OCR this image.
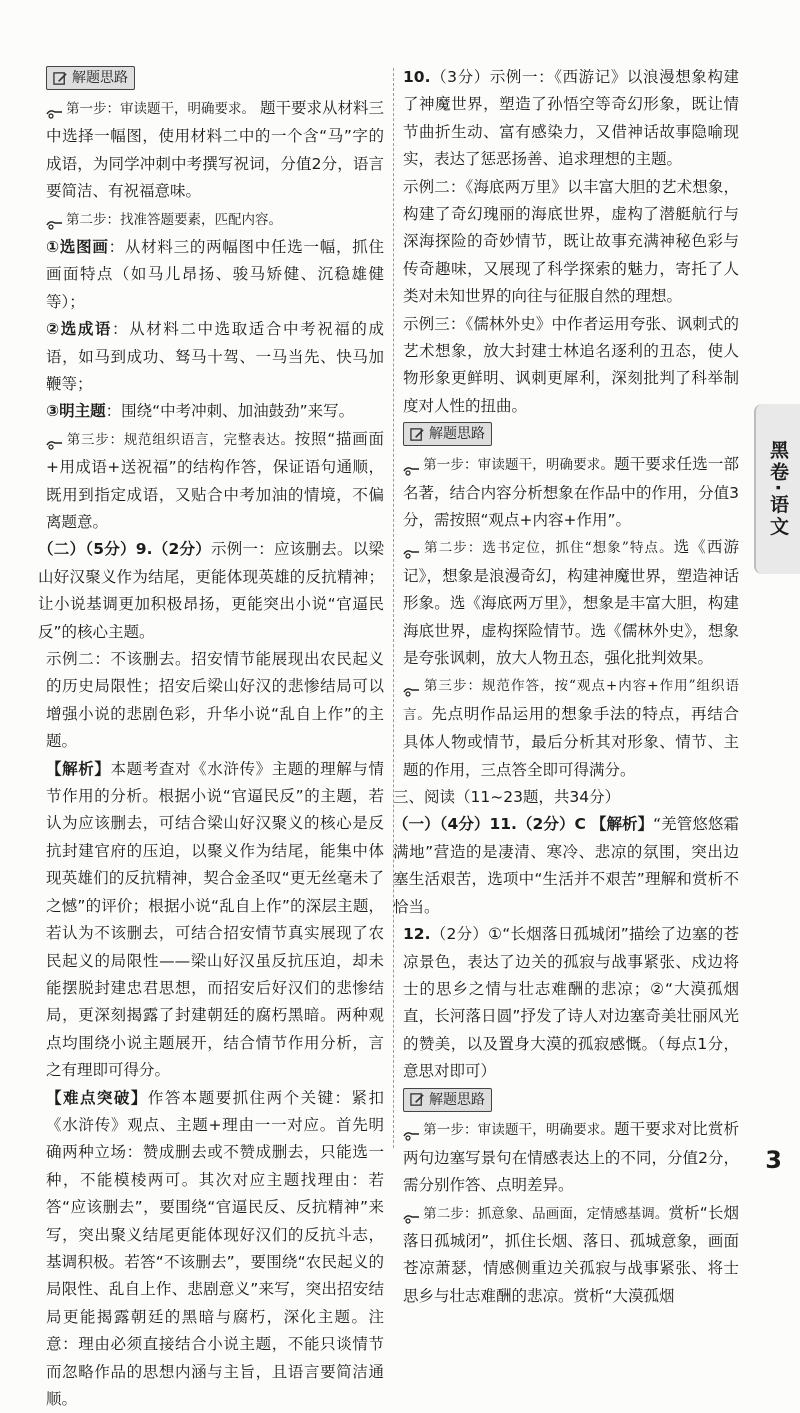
解题思路

第一步：审读题干，明确要求。 题干要求从材料三中选择一幅图，使用材料二中的一个含“马”字的成语，为同学冲刺中考撰写祝词，分值2分，语言要简洁、有祝福意味。

第二步：找准答题要素，匹配内容。

①选图画：从材料三的两幅图中任选一幅，抓住画面特点（如马儿昂扬、骏马矫健、沉稳雄健等）；

②选成语：从材料二中选取适合中考祝福的成语，如马到成功、驽马十驾、一马当先、快马加鞭等；

③明主题：围绕“中考冲刺、加油鼓劲”来写。

第三步：规范组织语言，完整表达。按照“描画面+用成语+送祝福”的结构作答，保证语句通顺，既用到指定成语，又贴合中考加油的情境，不偏离题意。

（二）（5分）9.（2分）示例一：应该删去。以梁山好汉聚义作为结尾，更能体现英雄的反抗精神；让小说基调更加积极昂扬，更能突出小说“官逼民反”的核心主题。

示例二：不该删去。招安情节能展现出农民起义的历史局限性；招安后梁山好汉的悲惨结局可以增强小说的悲剧色彩，升华小说“乱自上作”的主题。

【解析】本题考查对《水浒传》主题的理解与情节作用的分析。根据小说“官逼民反”的主题，若认为应该删去，可结合梁山好汉聚义的核心是反抗封建官府的压迫，以聚义作为结尾，能集中体现英雄们的反抗精神，契合金圣叹“更无丝毫未了之憾”的评价；根据小说“乱自上作”的深层主题，若认为不该删去，可结合招安情节真实展现了农民起义的局限性——梁山好汉虽反抗压迫，却未能摆脱封建忠君思想，而招安后好汉们的悲惨结局，更深刻揭露了封建朝廷的腐朽黑暗。两种观点均围绕小说主题展开，结合情节作用分析，言之有理即可得分。

【难点突破】作答本题要抓住两个关键：紧扣《水浒传》观点、主题+理由一一对应。首先明确两种立场：赞成删去或不赞成删去，只能选一种，不能模棱两可。其次对应主题找理由：若答“应该删去”，要围绕“官逼民反、反抗精神”来写，突出聚义结尾更能体现好汉们的反抗斗志，基调积极。若答“不该删去”，要围绕“农民起义的局限性、乱自上作、悲剧意义”来写，突出招安结局更能揭露朝廷的黑暗与腐朽，深化主题。注意：理由必须直接结合小说主题，不能只谈情节而忽略作品的思想内涵与主旨，且语言要简洁通顺。

10.（3分）示例一：《西游记》以浪漫想象构建了神魔世界，塑造了孙悟空等奇幻形象，既让情节曲折生动、富有感染力，又借神话故事隐喻现实，表达了惩恶扬善、追求理想的主题。

示例二：《海底两万里》以丰富大胆的艺术想象，构建了奇幻瑰丽的海底世界，虚构了潜艇航行与深海探险的奇妙情节，既让故事充满神秘色彩与传奇趣味，又展现了科学探索的魅力，寄托了人类对未知世界的向往与征服自然的理想。

示例三：《儒林外史》中作者运用夸张、讽刺式的艺术想象，放大封建士林追名逐利的丑态，使人物形象更鲜明、讽刺更犀利，深刻批判了科举制度对人性的扭曲。

解题思路

第一步：审读题干，明确要求。题干要求任选一部名著，结合内容分析想象在作品中的作用，分值3分，需按照“观点+内容+作用”。

第二步：选书定位，抓住“想象”特点。选《西游记》，想象是浪漫奇幻，构建神魔世界，塑造神话形象。选《海底两万里》，想象是丰富大胆，构建海底世界，虚构探险情节。选《儒林外史》，想象是夸张讽刺，放大人物丑态，强化批判效果。

第三步：规范作答，按“观点+内容+作用”组织语言。先点明作品运用的想象手法的特点，再结合具体人物或情节，最后分析其对形象、情节、主题的作用，三点答全即可得满分。

三、阅读（11~23题，共34分）

（一）（4分）11.（2分）C 【解析】“羌管悠悠霜满地”营造的是凄清、寒冷、悲凉的氛围，突出边塞生活艰苦，选项中“生活并不艰苦”理解和赏析不恰当。

12.（2分）①“长烟落日孤城闭”描绘了边塞的苍凉景色，表达了边关的孤寂与战事紧张、戍边将士的思乡之情与壮志难酬的悲凉；②“大漠孤烟直，长河落日圆”抒发了诗人对边塞奇美壮丽风光的赞美，以及置身大漠的孤寂感慨。（每点1分，意思对即可）

解题思路

第一步：审读题干，明确要求。题干要求对比赏析两句边塞写景句在情感表达上的不同，分值2分，需分别作答、点明差异。

第二步：抓意象、品画面，定情感基调。赏析“长烟落日孤城闭”，抓住长烟、落日、孤城意象，画面苍凉萧瑟，情感侧重边关孤寂与战事紧张、将士思乡与壮志难酬的悲凉。赏析“大漠孤烟

黑卷·语文
3
